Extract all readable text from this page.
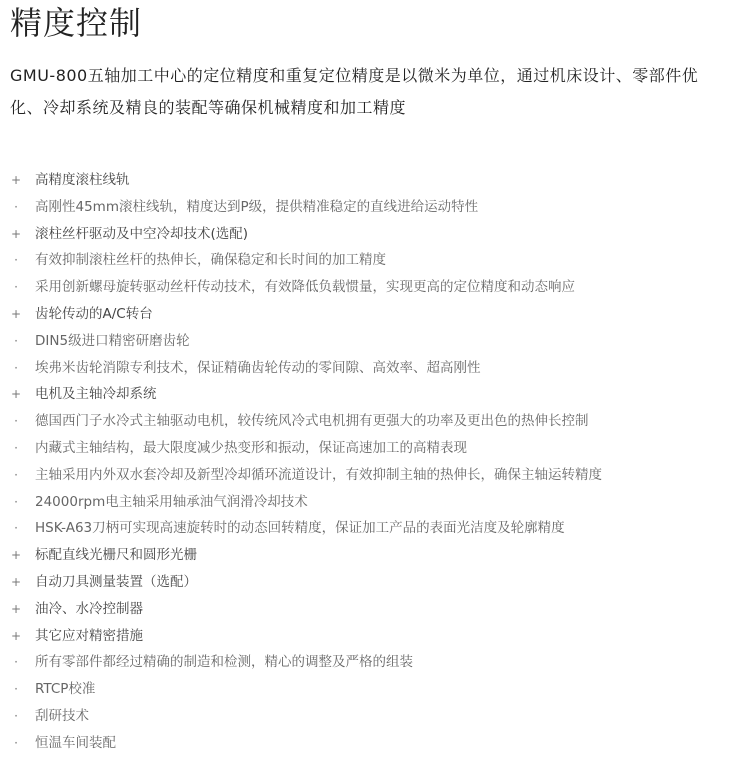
精度控制

GMU-800五轴加工中心的定位精度和重复定位精度是以微米为单位，通过机床设计、零部件优化、冷却系统及精良的装配等确保机械精度和加工精度

+ 高精度滚柱线轨
·	高刚性45mm滚柱线轨，精度达到P级，提供精准稳定的直线进给运动特性
+ 滚柱丝杆驱动及中空冷却技术(选配)
·	有效抑制滚柱丝杆的热伸长，确保稳定和长时间的加工精度
·	采用创新螺母旋转驱动丝杆传动技术，有效降低负载惯量，实现更高的定位精度和动态响应
+ 齿轮传动的A/C转台
·	DIN5级进口精密研磨齿轮
·	埃弗米齿轮消隙专利技术，保证精确齿轮传动的零间隙、高效率、超高刚性
+ 电机及主轴冷却系统
·	德国西门子水冷式主轴驱动电机，较传统风冷式电机拥有更强大的功率及更出色的热伸长控制
·	内藏式主轴结构，最大限度减少热变形和振动，保证高速加工的高精表现
·	主轴采用内外双水套冷却及新型冷却循环流道设计，有效抑制主轴的热伸长，确保主轴运转精度
·	24000rpm电主轴采用轴承油气润滑冷却技术
·	HSK-A63刀柄可实现高速旋转时的动态回转精度，保证加工产品的表面光洁度及轮廓精度
+ 标配直线光栅尺和圆形光栅
+ 自动刀具测量装置（选配）
+ 油冷、水冷控制器
+ 其它应对精密措施
·	所有零部件都经过精确的制造和检测，精心的调整及严格的组装
·	RTCP校准
·	刮研技术
·	恒温车间装配
